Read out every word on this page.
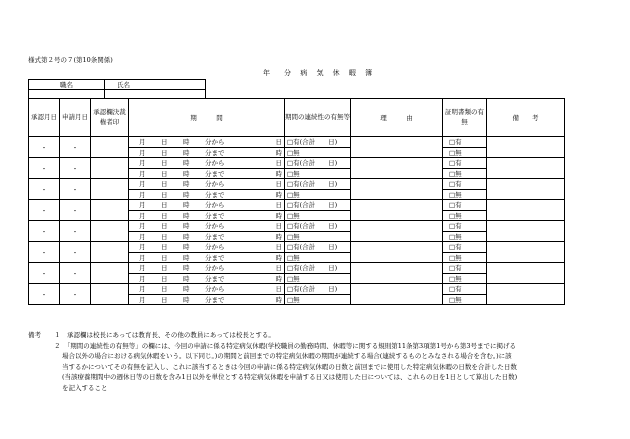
様式第２号の７(第10条関係)
年　分 病 気 休 暇 簿
職名	氏名

承認月日	申請月日	承認欄決裁権者印	期　　　間	期間の連続性の有無等	理　　　由	証明書類の有無	備　　考
・	・		月 日 時 分から 日	□有(合計　　日)		□有	

			月 日 時 分まで 時	□無		□無	
・	・		月 日 時 分から 日	□有(合計　　日)		□有	

			月 日 時 分まで 時	□無		□無	
・	・		月 日 時 分から 日	□有(合計　　日)		□有	

			月 日 時 分まで 時	□無		□無	
・	・		月 日 時 分から 日	□有(合計　　日)		□有	

			月 日 時 分まで 時	□無		□無	
・	・		月 日 時 分から 日	□有(合計　　日)		□有	

			月 日 時 分まで 時	□無		□無	
・	・		月 日 時 分から 日	□有(合計　　日)		□有	

			月 日 時 分まで 時	□無		□無	
・	・		月 日 時 分から 日	□有(合計　　日)		□有	

			月 日 時 分まで 時	□無		□無	
・	・		月 日 時 分から 日	□有(合計　　日)		□有	

			月 日 時 分まで 時	□無		□無	
備考 １　承認欄は校長にあっては教育長、その他の教員にあっては校長とする。
２　「期間の連続性の有無等」の欄には、今回の申請に係る特定病気休暇(学校職員の勤務時間、休暇等に関する規則第11条第3項第1号から第3号までに掲げる
場合以外の場合における病気休暇をいう。以下同じ。)の期間と前回までの特定病気休暇の期間が連続する場合(連続するものとみなされる場合を含む。)に該
当するかについてその有無を記入し、これに該当するときは今回の申請に係る特定病気休暇の日数と前回までに使用した特定病気休暇の日数を合計した日数
(当該療養期間中の週休日等の日数を含み1日以外を単位とする特定病気休暇を申請する日又は使用した日については、これらの日を1日として算出した日数)
を記入すること
